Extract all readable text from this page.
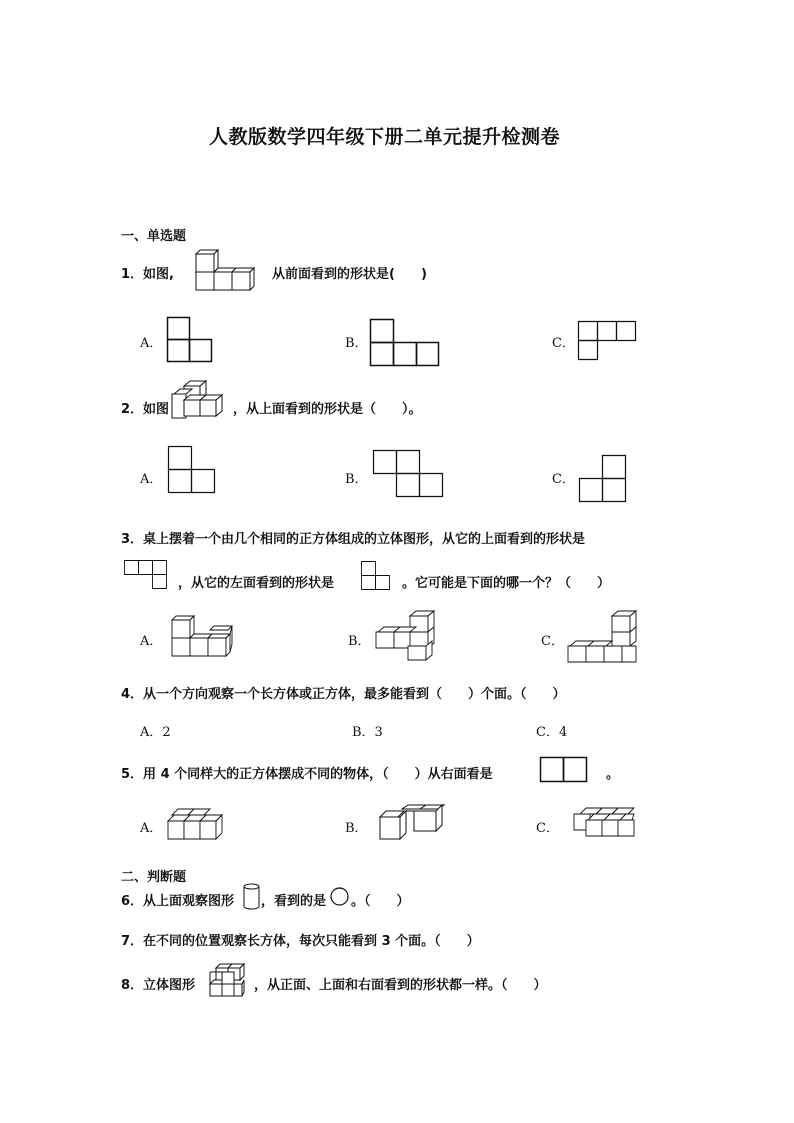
人教版数学四年级下册二单元提升检测卷
一、单选题
1．如图,	从前面看到的形状是(　　)
A．	B．	C．
2．如图	，从上面看到的形状是（　　）。
A．	B．	C．
3．桌上摆着一个由几个相同的正方体组成的立体图形，从它的上面看到的形状是
，从它的左面看到的形状是	。它可能是下面的哪一个？（　　）
A．	B．	C．
4．从一个方向观察一个长方体或正方体，最多能看到（　　）个面。（　　）
A．2	B．3	C．4
5．用 4 个同样大的正方体摆成不同的物体，（　　）从右面看是	。
A．	B．	C．
二、判断题
6．从上面观察图形 ，看到的是 。（　　）
7．在不同的位置观察长方体，每次只能看到 3 个面。（　　）
8．立体图形	，从正面、上面和右面看到的形状都一样。（　　）
